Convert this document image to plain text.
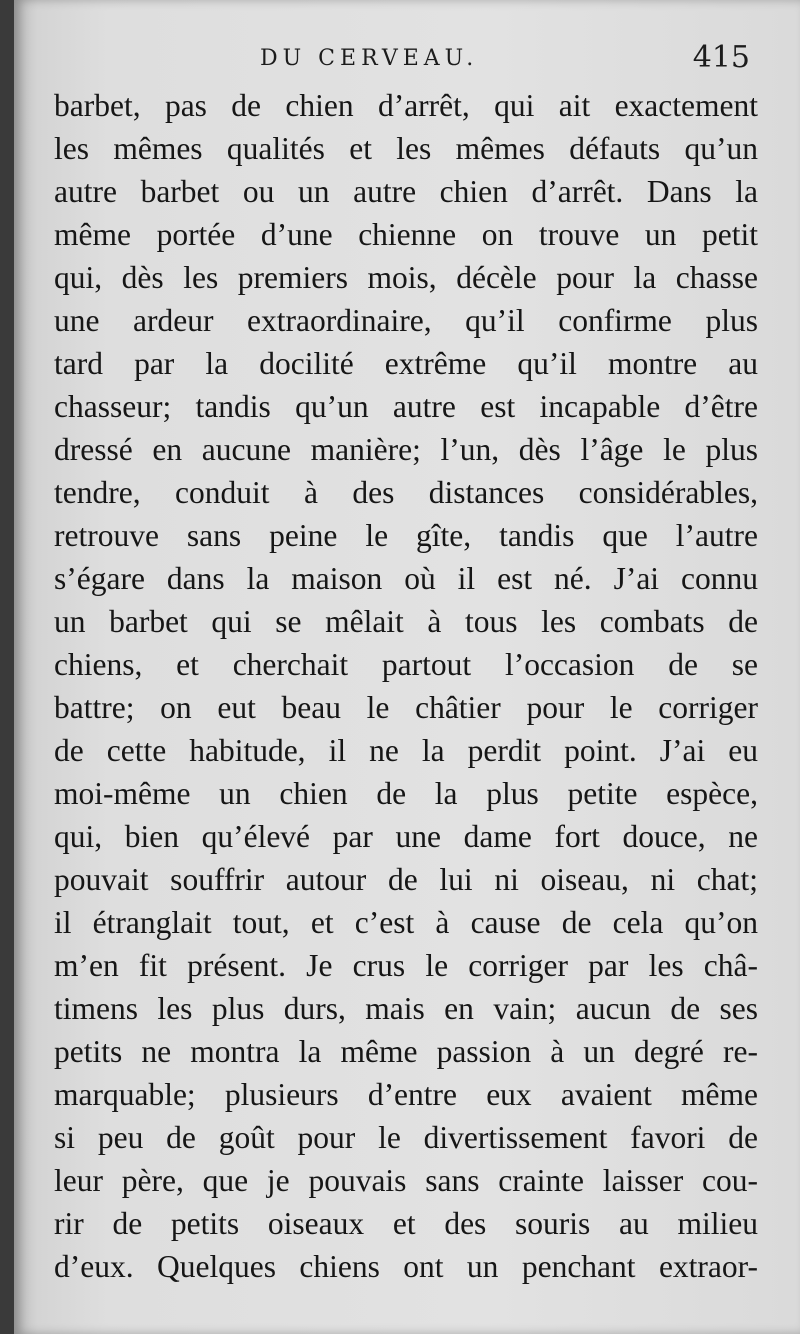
DU CERVEAU.	415
barbet, pas de chien d’arrêt, qui ait exactement
les mêmes qualités et les mêmes défauts qu’un
autre barbet ou un autre chien d’arrêt. Dans la
même portée d’une chienne on trouve un petit
qui, dès les premiers mois, décèle pour la chasse
une ardeur extraordinaire, qu’il confirme plus
tard par la docilité extrême qu’il montre au
chasseur; tandis qu’un autre est incapable d’être
dressé en aucune manière; l’un, dès l’âge le plus
tendre, conduit à des distances considérables,
retrouve sans peine le gîte, tandis que l’autre
s’égare dans la maison où il est né. J’ai connu
un barbet qui se mêlait à tous les combats de
chiens, et cherchait partout l’occasion de se
battre; on eut beau le châtier pour le corriger
de cette habitude, il ne la perdit point. J’ai eu
moi-même un chien de la plus petite espèce,
qui, bien qu’élevé par une dame fort douce, ne
pouvait souffrir autour de lui ni oiseau, ni chat;
il étranglait tout, et c’est à cause de cela qu’on
m’en fit présent. Je crus le corriger par les châ-
timens les plus durs, mais en vain; aucun de ses
petits ne montra la même passion à un degré re-
marquable; plusieurs d’entre eux avaient même
si peu de goût pour le divertissement favori de
leur père, que je pouvais sans crainte laisser cou-
rir de petits oiseaux et des souris au milieu
d’eux. Quelques chiens ont un penchant extraor-
